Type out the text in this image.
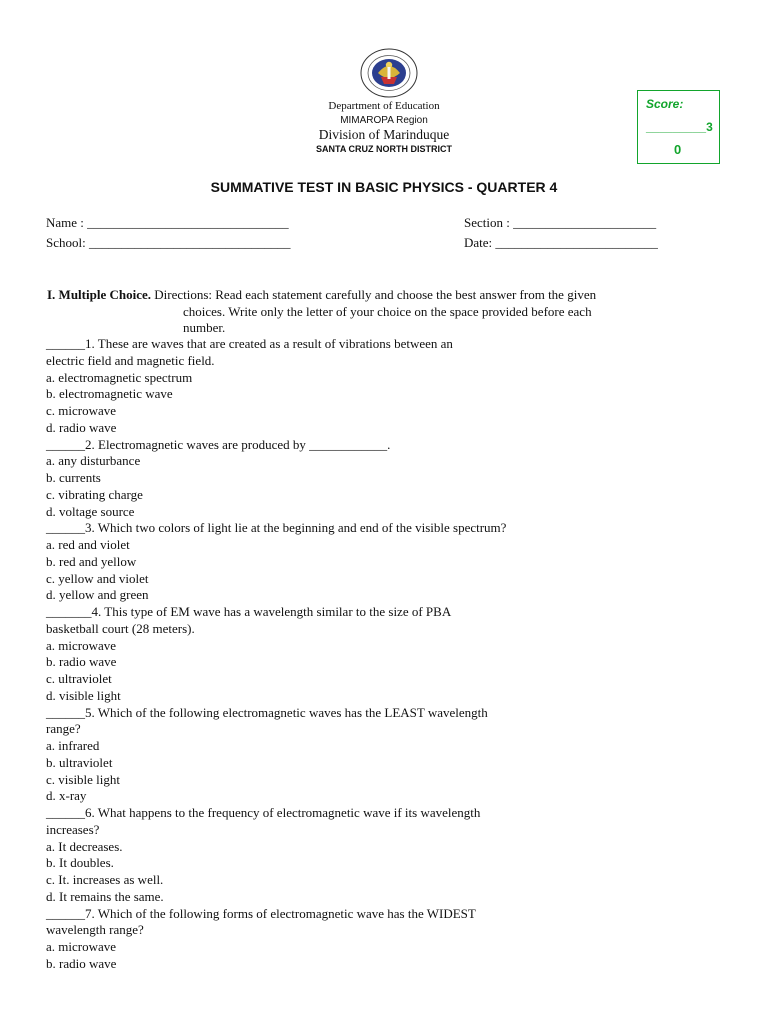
Department of Education
MIMAROPA Region
Division of Marinduque
SANTA CRUZ NORTH DISTRICT
Score:
_________3
0
SUMMATIVE TEST IN BASIC PHYSICS - QUARTER 4
Name : _______________________________	Section : ______________________
School: _______________________________	Date: _________________________
I. Multiple Choice. Directions: Read each statement carefully and choose the best answer from the given
choices. Write only the letter of your choice on the space provided before each
number.
______1. These are waves that are created as a result of vibrations between an
electric field and magnetic field.
a. electromagnetic spectrum
b. electromagnetic wave
c. microwave
d. radio wave
______2. Electromagnetic waves are produced by ____________.
a. any disturbance
b. currents
c. vibrating charge
d. voltage source
______3. Which two colors of light lie at the beginning and end of the visible spectrum?
a. red and violet
b. red and yellow
c. yellow and violet
d. yellow and green
_______4. This type of EM wave has a wavelength similar to the size of PBA
basketball court (28 meters).
a. microwave
b. radio wave
c. ultraviolet
d. visible light
______5. Which of the following electromagnetic waves has the LEAST wavelength
range?
a. infrared
b. ultraviolet
c. visible light
d. x-ray
______6. What happens to the frequency of electromagnetic wave if its wavelength
increases?
a. It decreases.
b. It doubles.
c. It. increases as well.
d. It remains the same.
______7. Which of the following forms of electromagnetic wave has the WIDEST
wavelength range?
a. microwave
b. radio wave
